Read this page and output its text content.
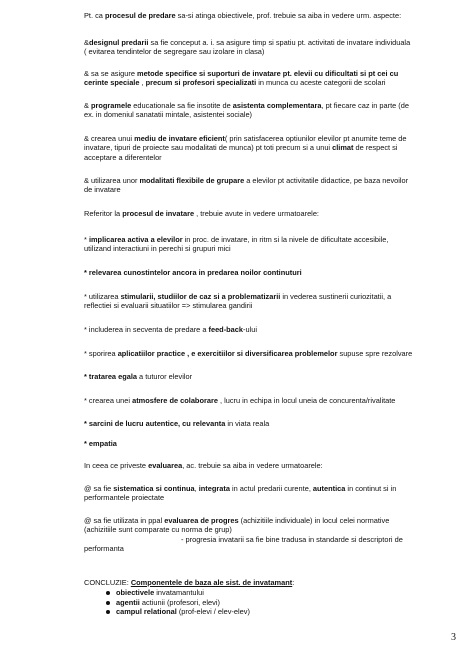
Pt. ca procesul de predare sa-si atinga obiectivele, prof. trebuie sa aiba in vedere urm. aspecte:
&designul predarii sa fie conceput a. i. sa asigure timp si spatiu pt. activitati de invatare individuala
( evitarea tendintelor de segregare sau izolare in clasa)
& sa se asigure metode specifice si suporturi de invatare pt. elevii cu dificultati si pt cei cu
cerinte speciale , precum si profesori specializati in munca cu aceste categorii de scolari
& programele educationale sa fie insotite de asistenta complementara, pt fiecare caz in parte (de
ex. in domeniul sanatatii mintale, asistentei sociale)
& crearea unui mediu de invatare eficient( prin satisfacerea optiunilor elevilor pt anumite teme de
invatare, tipuri de proiecte sau modalitati de munca) pt toti precum si a unui climat de respect si
acceptare a diferentelor
& utilizarea unor modalitati flexibile de grupare a elevilor pt activitatile didactice, pe baza nevoilor
de invatare
Referitor la procesul de invatare , trebuie avute in vedere urmatoarele:
* implicarea activa a elevilor in proc. de invatare, in ritm si la nivele de dificultate accesibile,
utilizand interactiuni in perechi si grupuri mici
* relevarea cunostintelor ancora in predarea noilor continuturi
* utilizarea stimularii, studiilor de caz si a problematizarii in vederea sustinerii curiozitatii, a
reflectiei si evaluarii situatiilor => stimularea gandirii
* includerea in secventa de predare a feed-back-ului
* sporirea aplicatiilor practice , e exercitiilor si diversificarea problemelor supuse spre rezolvare
* tratarea egala a tuturor elevilor
* crearea unei atmosfere de colaborare , lucru in echipa in locul uneia de concurenta/rivalitate
* sarcini de lucru autentice, cu relevanta in viata reala
* empatia
In ceea ce priveste evaluarea, ac. trebuie sa aiba in vedere urmatoarele:
@ sa fie sistematica si continua, integrata in actul predarii curente, autentica in continut si in
performantele proiectate
@ sa fie utilizata in ppal evaluarea de progres (achizitiile individuale) in locul celei normative
(achizitiile sunt comparate cu norma de grup)
- progresia invatarii sa fie bine tradusa in standarde si descriptori de
performanta
CONCLUZIE: Componentele de baza ale sist. de invatamant:
obiectivele invatamantului
agentii actiunii (profesori, elevi)
campul relational (prof-elevi / elev-elev)
3
